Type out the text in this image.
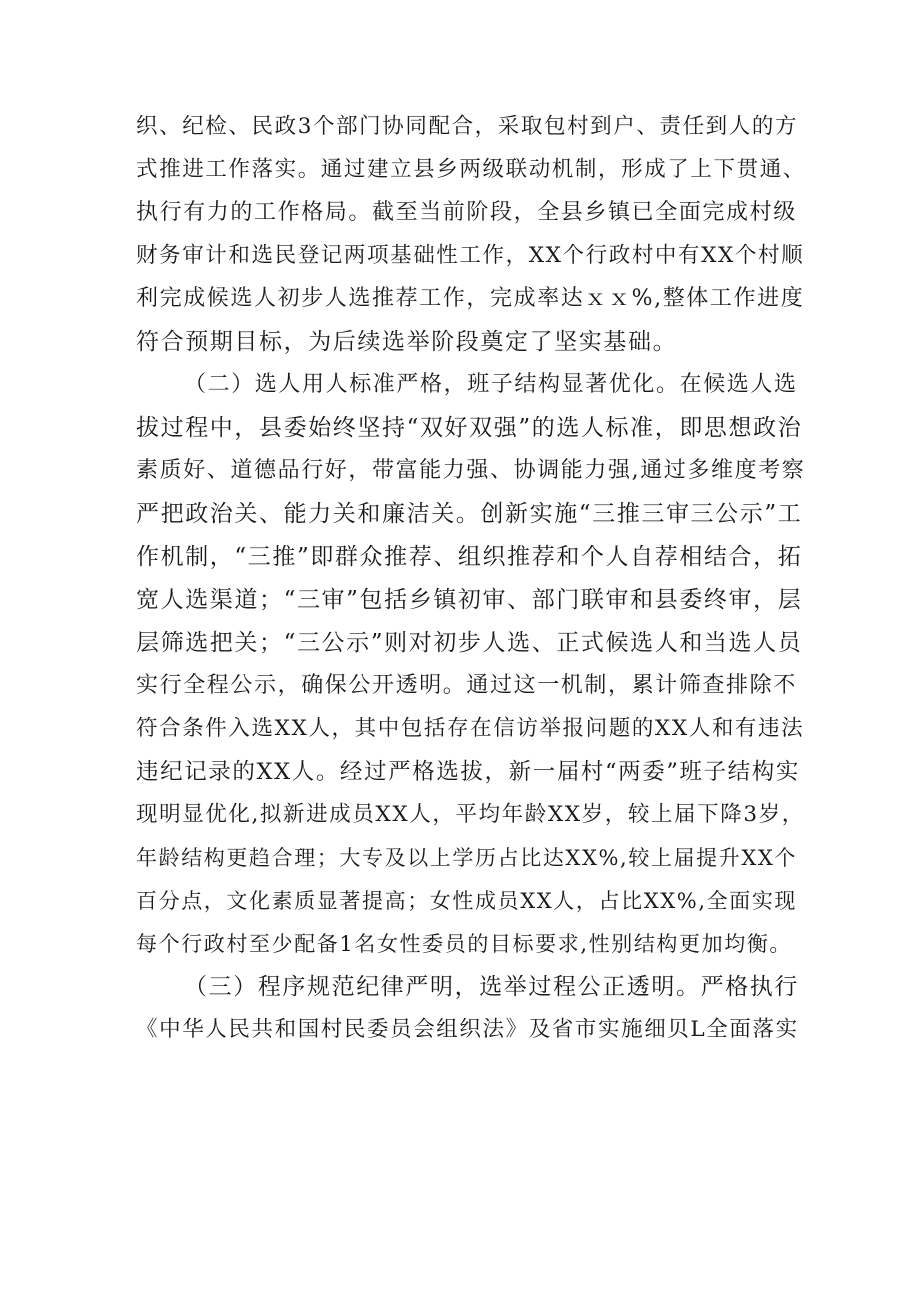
织、纪检、民政3个部门协同配合，采取包村到户、责任到人的方
式推进工作落实。通过建立县乡两级联动机制，形成了上下贯通、
执行有力的工作格局。截至当前阶段，全县乡镇已全面完成村级
财务审计和选民登记两项基础性工作，XX个行政村中有XX个村顺
利完成候选人初步人选推荐工作，完成率达ｘｘ%,整体工作进度
符合预期目标，为后续选举阶段奠定了坚实基础。
（二）选人用人标准严格，班子结构显著优化。在候选人选
拔过程中，县委始终坚持“双好双强”的选人标准，即思想政治
素质好、道德品行好，带富能力强、协调能力强,通过多维度考察
严把政治关、能力关和廉洁关。创新实施“三推三审三公示”工
作机制，“三推”即群众推荐、组织推荐和个人自荐相结合，拓
宽人选渠道；“三审”包括乡镇初审、部门联审和县委终审，层
层筛选把关；“三公示”则对初步人选、正式候选人和当选人员
实行全程公示，确保公开透明。通过这一机制，累计筛查排除不
符合条件入选XX人，其中包括存在信访举报问题的XX人和有违法
违纪记录的XX人。经过严格选拔，新一届村“两委”班子结构实
现明显优化,拟新进成员XX人，平均年龄XX岁，较上届下降3岁，
年龄结构更趋合理；大专及以上学历占比达XX%,较上届提升XX个
百分点，文化素质显著提高；女性成员XX人，占比XX%,全面实现
每个行政村至少配备1名女性委员的目标要求,性别结构更加均衡。
（三）程序规范纪律严明，选举过程公正透明。严格执行
《中华人民共和国村民委员会组织法》及省市实施细贝L全面落实
